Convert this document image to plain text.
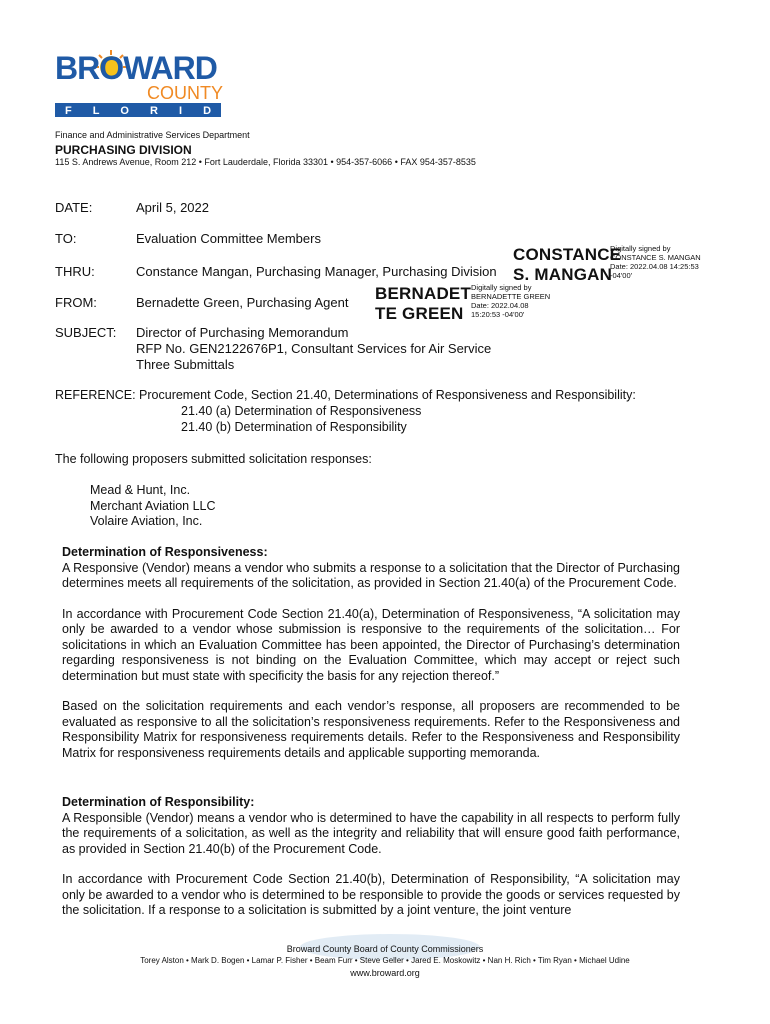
BROWARD
COUNTY
F L O R I D A
Finance and Administrative Services Department
PURCHASING DIVISION
115 S. Andrews Avenue, Room 212 • Fort Lauderdale, Florida 33301 • 954-357-6066 • FAX 954-357-8535
DATE:	April 5, 2022
TO:	Evaluation Committee Members
THRU:	Constance Mangan, Purchasing Manager, Purchasing Division
FROM:	Bernadette Green, Purchasing Agent
SUBJECT: Director of Purchasing Memorandum
RFP No. GEN2122676P1, Consultant Services for Air Service
Three Submittals
CONSTANCE
S. MANGAN
Digitally signed by
CONSTANCE S. MANGAN
Date: 2022.04.08 14:25:53
-04'00'
BERNADET
TE GREEN
Digitally signed by
BERNADETTE GREEN
Date: 2022.04.08
15:20:53 -04'00'
REFERENCE: Procurement Code, Section 21.40, Determinations of Responsiveness and Responsibility:
21.40 (a) Determination of Responsiveness
21.40 (b) Determination of Responsibility
The following proposers submitted solicitation responses:
Mead & Hunt, Inc.
Merchant Aviation LLC
Volaire Aviation, Inc.
Determination of Responsiveness:
A Responsive (Vendor) means a vendor who submits a response to a solicitation that the Director of Purchasing determines meets all requirements of the solicitation, as provided in Section 21.40(a) of the Procurement Code.
In accordance with Procurement Code Section 21.40(a), Determination of Responsiveness, “A solicitation may only be awarded to a vendor whose submission is responsive to the requirements of the solicitation… For solicitations in which an Evaluation Committee has been appointed, the Director of Purchasing’s determination regarding responsiveness is not binding on the Evaluation Committee, which may accept or reject such determination but must state with specificity the basis for any rejection thereof.”
Based on the solicitation requirements and each vendor’s response, all proposers are recommended to be evaluated as responsive to all the solicitation’s responsiveness requirements. Refer to the Responsiveness and Responsibility Matrix for responsiveness requirements details. Refer to the Responsiveness and Responsibility Matrix for responsiveness requirements details and applicable supporting memoranda.
Determination of Responsibility:
A Responsible (Vendor) means a vendor who is determined to have the capability in all respects to perform fully the requirements of a solicitation, as well as the integrity and reliability that will ensure good faith performance, as provided in Section 21.40(b) of the Procurement Code.
In accordance with Procurement Code Section 21.40(b), Determination of Responsibility, “A solicitation may only be awarded to a vendor who is determined to be responsible to provide the goods or services requested by the solicitation. If a response to a solicitation is submitted by a joint venture, the joint venture
Broward County Board of County Commissioners
Torey Alston • Mark D. Bogen • Lamar P. Fisher • Beam Furr • Steve Geller • Jared E. Moskowitz • Nan H. Rich • Tim Ryan • Michael Udine
www.broward.org
